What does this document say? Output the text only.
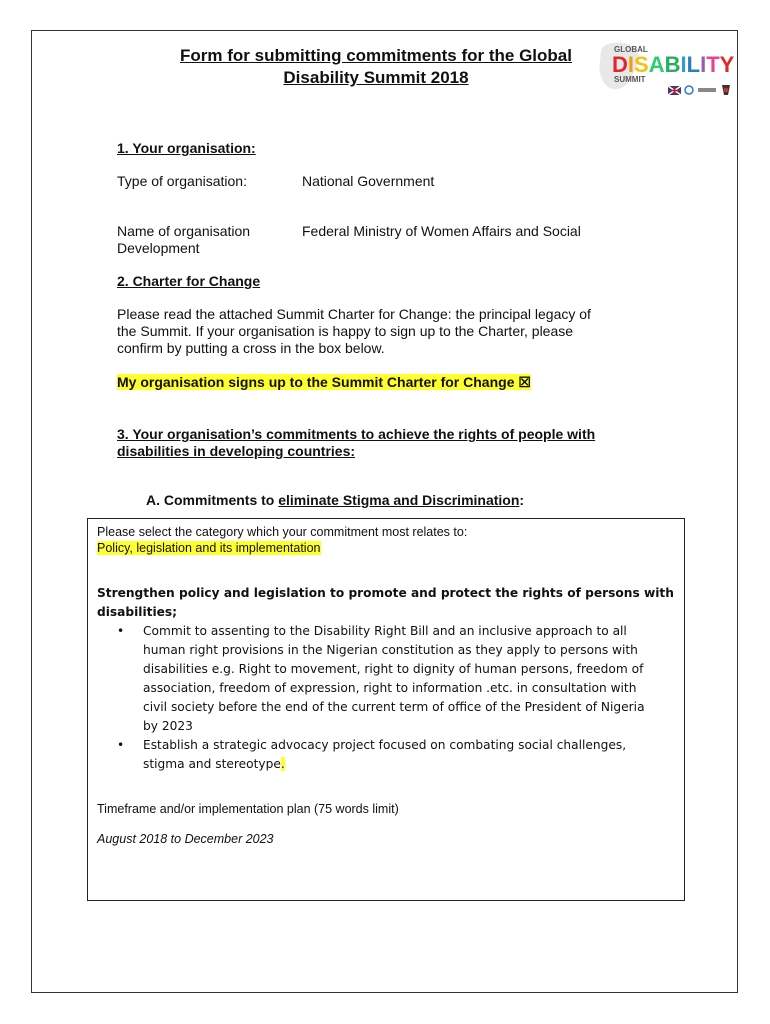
Form for submitting commitments for the Global
Disability Summit 2018
GLOBAL
DISABILITY
SUMMIT
1. Your organisation:
Type of organisation:	National Government
Name of organisation
Development
Federal Ministry of Women Affairs and Social
2. Charter for Change
Please read the attached Summit Charter for Change: the principal legacy of
the Summit. If your organisation is happy to sign up to the Charter, please
confirm by putting a cross in the box below.
My organisation signs up to the Summit Charter for Change ☒
3. Your organisation’s commitments to achieve the rights of people with
disabilities in developing countries:
A. Commitments to eliminate Stigma and Discrimination:
Please select the category which your commitment most relates to:
Policy, legislation and its implementation
Strengthen policy and legislation to promote and protect the rights of persons with
disabilities;
• Commit to assenting to the Disability Right Bill and an inclusive approach to all
human right provisions in the Nigerian constitution as they apply to persons with
disabilities e.g. Right to movement, right to dignity of human persons, freedom of
association, freedom of expression, right to information .etc. in consultation with
civil society before the end of the current term of office of the President of Nigeria
by 2023
• Establish a strategic advocacy project focused on combating social challenges,
stigma and stereotype.
Timeframe and/or implementation plan (75 words limit)
August 2018 to December 2023
